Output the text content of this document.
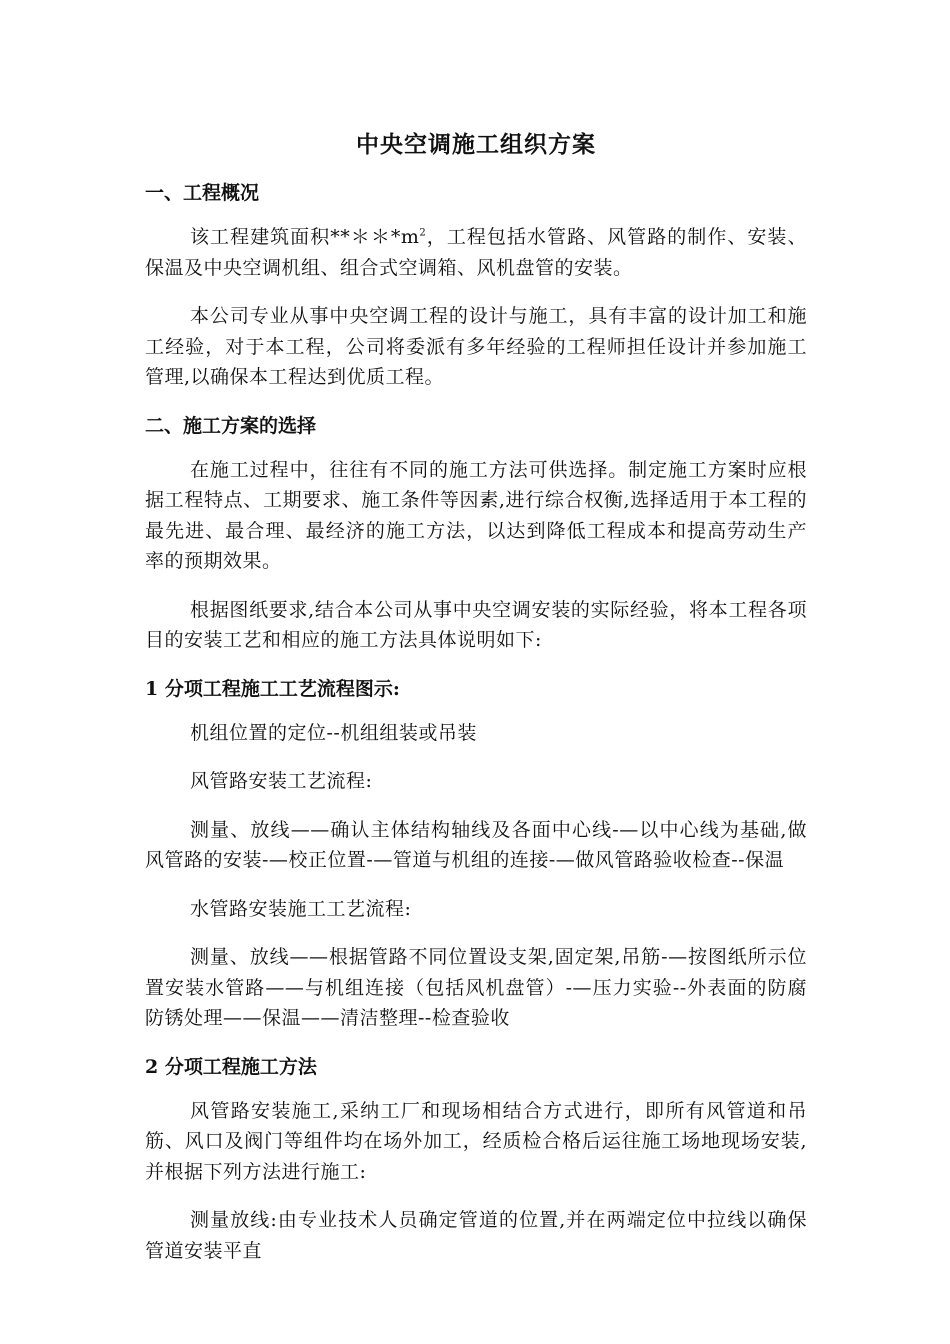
中央空调施工组织方案
一、工程概况
该工程建筑面积$*****m^2$，工程包括水管路、风管路的制作、安装、保温及中央空调机组、组合式空调箱、风机盘管的安装。
本公司专业从事中央空调工程的设计与施工，具有丰富的设计加工和施工经验，对于本工程，公司将委派有多年经验的工程师担任设计并参加施工管理,以确保本工程达到优质工程。
二、施工方案的选择
在施工过程中，往往有不同的施工方法可供选择。制定施工方案时应根据工程特点、工期要求、施工条件等因素,进行综合权衡,选择适用于本工程的最先进、最合理、最经济的施工方法，以达到降低工程成本和提高劳动生产率的预期效果。
根据图纸要求,结合本公司从事中央空调安装的实际经验，将本工程各项目的安装工艺和相应的施工方法具体说明如下:
1 分项工程施工工艺流程图示:
机组位置的定位--机组组装或吊装
风管路安装工艺流程:
测量、放线——确认主体结构轴线及各面中心线-—以中心线为基础,做风管路的安装-—校正位置-—管道与机组的连接-—做风管路验收检查--保温
水管路安装施工工艺流程:
测量、放线——根据管路不同位置设支架,固定架,吊筋-—按图纸所示位置安装水管路——与机组连接（包括风机盘管）-—压力实验--外表面的防腐防锈处理——保温——清洁整理--检查验收
2 分项工程施工方法
风管路安装施工,采纳工厂和现场相结合方式进行，即所有风管道和吊筋、风口及阀门等组件均在场外加工，经质检合格后运往施工场地现场安装,并根据下列方法进行施工:
测量放线:由专业技术人员确定管道的位置,并在两端定位中拉线以确保管道安装平直
